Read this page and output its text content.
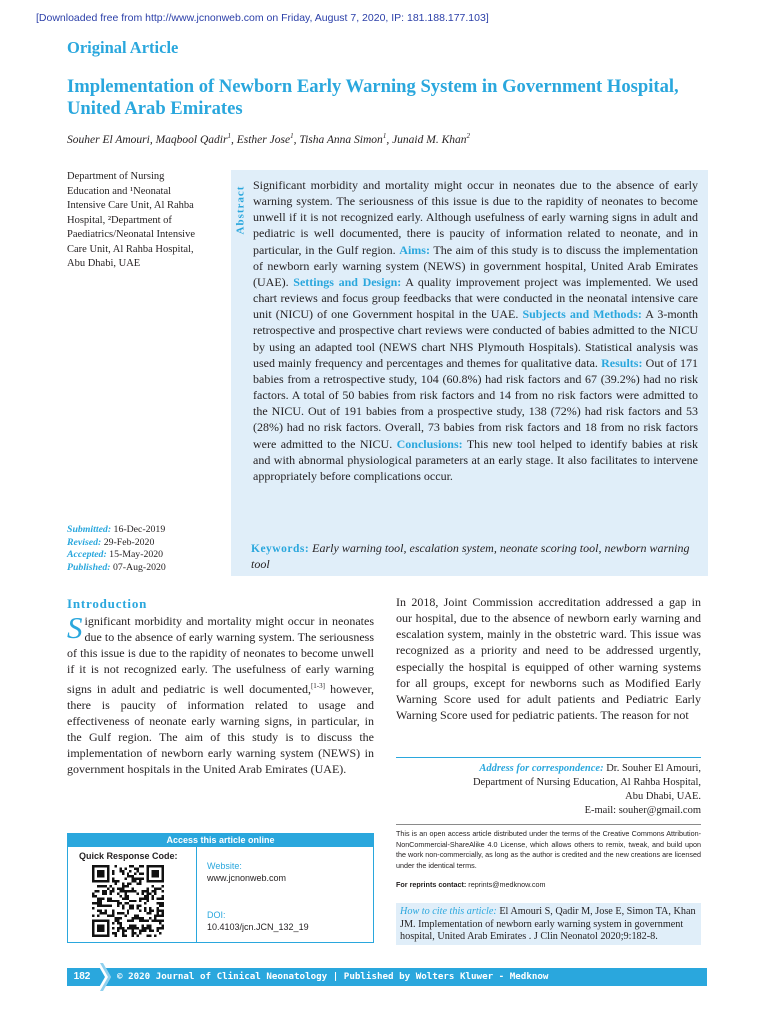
[Downloaded free from http://www.jcnonweb.com on Friday, August 7, 2020, IP: 181.188.177.103]
Original Article
Implementation of Newborn Early Warning System in Government Hospital, United Arab Emirates
Souher El Amouri, Maqbool Qadir$^1$, Esther Jose$^1$, Tisha Anna Simon$^1$, Junaid M. Khan$^2$
Department of Nursing Education and ¹Neonatal Intensive Care Unit, Al Rahba Hospital, ²Department of Paediatrics/Neonatal Intensive Care Unit, Al Rahba Hospital, Abu Dhabi, UAE
Abstract
Significant morbidity and mortality might occur in neonates due to the absence of early warning system. The seriousness of this issue is due to the rapidity of neonates to become unwell if it is not recognized early. Although usefulness of early warning signs in adult and pediatric is well documented, there is paucity of information related to neonate, and in particular, in the Gulf region. Aims: The aim of this study is to discuss the implementation of newborn early warning system (NEWS) in government hospital, United Arab Emirates (UAE). Settings and Design: A quality improvement project was implemented. We used chart reviews and focus group feedbacks that were conducted in the neonatal intensive care unit (NICU) of one Government hospital in the UAE. Subjects and Methods: A 3-month retrospective and prospective chart reviews were conducted of babies admitted to the NICU by using an adapted tool (NEWS chart NHS Plymouth Hospitals). Statistical analysis was used mainly frequency and percentages and themes for qualitative data. Results: Out of 171 babies from a retrospective study, 104 (60.8%) had risk factors and 67 (39.2%) had no risk factors. A total of 50 babies from risk factors and 14 from no risk factors were admitted to the NICU. Out of 191 babies from a prospective study, 138 (72%) had risk factors and 53 (28%) had no risk factors. Overall, 73 babies from risk factors and 18 from no risk factors were admitted to the NICU. Conclusions: This new tool helped to identify babies at risk and with abnormal physiological parameters at an early stage. It also facilitates to intervene appropriately before complications occur.
Submitted: 16-Dec-2019
Revised: 29-Feb-2020
Accepted: 15-May-2020
Published: 07-Aug-2020
Keywords: Early warning tool, escalation system, neonate scoring tool, newborn warning tool
Introduction
Significant morbidity and mortality might occur in neonates due to the absence of early warning system. The seriousness of this issue is due to the rapidity of neonates to become unwell if it is not recognized early. The usefulness of early warning signs in adult and pediatric is well documented,[1-3] however, there is paucity of information related to usage and effectiveness of neonate early warning signs, in particular, in the Gulf region. The aim of this study is to discuss the implementation of newborn early warning system (NEWS) in government hospitals in the United Arab Emirates (UAE).
In 2018, Joint Commission accreditation addressed a gap in our hospital, due to the absence of newborn early warning and escalation system, mainly in the obstetric ward. This issue was recognized as a priority and need to be addressed urgently, especially the hospital is equipped of other warning systems for all groups, except for newborns such as Modified Early Warning Score used for adult patients and Pediatric Early Warning Score used for pediatric patients. The reason for not
Address for correspondence: Dr. Souher El Amouri,
Department of Nursing Education, Al Rahba Hospital,
Abu Dhabi, UAE.
E-mail: souher@gmail.com
Access this article online
Quick Response Code:
Website:
www.jcnonweb.com
DOI:
10.4103/jcn.JCN_132_19
This is an open access article distributed under the terms of the Creative Commons Attribution-NonCommercial-ShareAlike 4.0 License, which allows others to remix, tweak, and build upon the work non-commercially, as long as the author is credited and the new creations are licensed under the identical terms.
For reprints contact: reprints@medknow.com
How to cite this article: El Amouri S, Qadir M, Jose E, Simon TA, Khan JM. Implementation of newborn early warning system in government hospital, United Arab Emirates . J Clin Neonatol 2020;9:182-8.
182	© 2020 Journal of Clinical Neonatology | Published by Wolters Kluwer - Medknow
